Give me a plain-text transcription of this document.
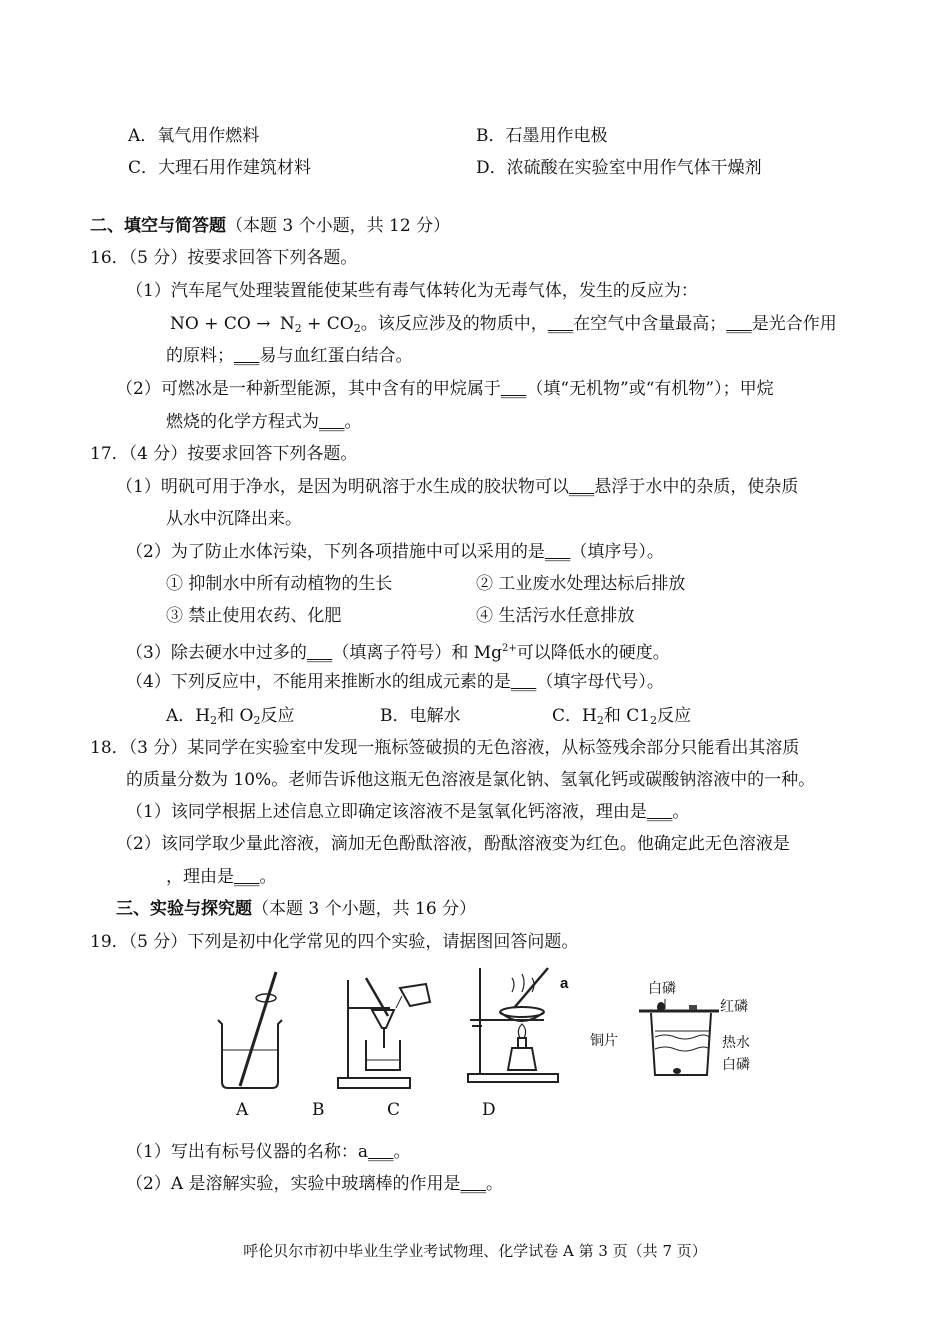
A．氧气用作燃料	B．石墨用作电极
C．大理石用作建筑材料	D．浓硫酸在实验室中用作气体干燥剂
二、填空与简答题（本题 3 个小题，共 12 分）
16．（5 分）按要求回答下列各题。
（1）汽车尾气处理装置能使某些有毒气体转化为无毒气体，发生的反应为：
NO + CO → $N_2 + CO_2$。该反应涉及的物质中，___在空气中含量最高；___是光合作用
的原料；___易与血红蛋白结合。
（2）可燃冰是一种新型能源，其中含有的甲烷属于___（填“无机物”或“有机物”）；甲烷
燃烧的化学方程式为___。
17．（4 分）按要求回答下列各题。
（1）明矾可用于净水，是因为明矾溶于水生成的胶状物可以___悬浮于水中的杂质，使杂质
从水中沉降出来。
（2）为了防止水体污染，下列各项措施中可以采用的是___（填序号）。
① 抑制水中所有动植物的生长	② 工业废水处理达标后排放
③ 禁止使用农药、化肥	④ 生活污水任意排放
（3）除去硬水中过多的___（填离子符号）和 $Mg^{2+}$可以降低水的硬度。
（4）下列反应中，不能用来推断水的组成元素的是___（填字母代号）。
A．$H_2$和 $O_2$反应	B．电解水	C．$H_2$和 $C1_2$反应
18．（3 分）某同学在实验室中发现一瓶标签破损的无色溶液，从标签残余部分只能看出其溶质
的质量分数为 10%。老师告诉他这瓶无色溶液是氯化钠、氢氧化钙或碳酸钠溶液中的一种。
（1）该同学根据上述信息立即确定该溶液不是氢氧化钙溶液，理由是___。
（2）该同学取少量此溶液，滴加无色酚酞溶液，酚酞溶液变为红色。他确定此无色溶液是
，理由是___。
三、实验与探究题（本题 3 个小题，共 16 分）
19．（5 分）下列是初中化学常见的四个实验，请据图回答问题。
a	白磷
红磷
铜片	热水
白磷
A	B	C	D
（1）写出有标号仪器的名称：a___。
（2）A 是溶解实验，实验中玻璃棒的作用是___。
呼伦贝尔市初中毕业生学业考试物理、化学试卷 A 第 3 页（共 7 页）
